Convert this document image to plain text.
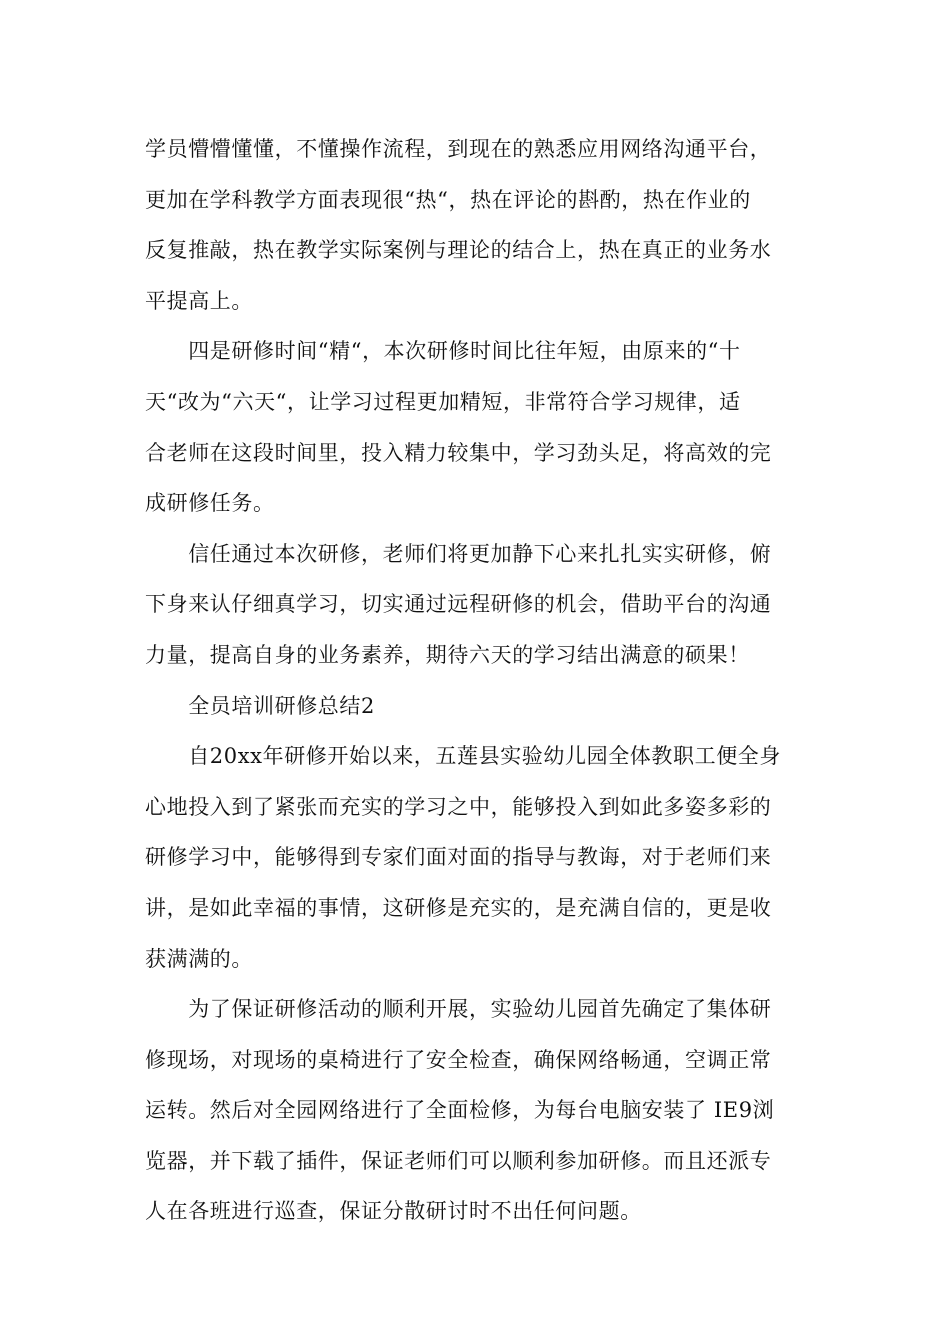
学员懵懵懂懂，不懂操作流程，到现在的熟悉应用网络沟通平台，
更加在学科教学方面表现很“热“，热在评论的斟酌，热在作业的
反复推敲，热在教学实际案例与理论的结合上，热在真正的业务水
平提高上。
　　四是研修时间“精“，本次研修时间比往年短，由原来的“十
天“改为“六天“，让学习过程更加精短，非常符合学习规律，适
合老师在这段时间里，投入精力较集中，学习劲头足，将高效的完
成研修任务。
　　信任通过本次研修，老师们将更加静下心来扎扎实实研修，俯
下身来认仔细真学习，切实通过远程研修的机会，借助平台的沟通
力量，提高自身的业务素养，期待六天的学习结出满意的硕果！
　　全员培训研修总结2
　　自20xx年研修开始以来，五莲县实验幼儿园全体教职工便全身
心地投入到了紧张而充实的学习之中，能够投入到如此多姿多彩的
研修学习中，能够得到专家们面对面的指导与教诲，对于老师们来
讲，是如此幸福的事情，这研修是充实的，是充满自信的，更是收
获满满的。
　　为了保证研修活动的顺利开展，实验幼儿园首先确定了集体研
修现场，对现场的桌椅进行了安全检查，确保网络畅通，空调正常
运转。然后对全园网络进行了全面检修，为每台电脑安装了 IE9浏
览器，并下载了插件，保证老师们可以顺利参加研修。而且还派专
人在各班进行巡查，保证分散研讨时不出任何问题。
